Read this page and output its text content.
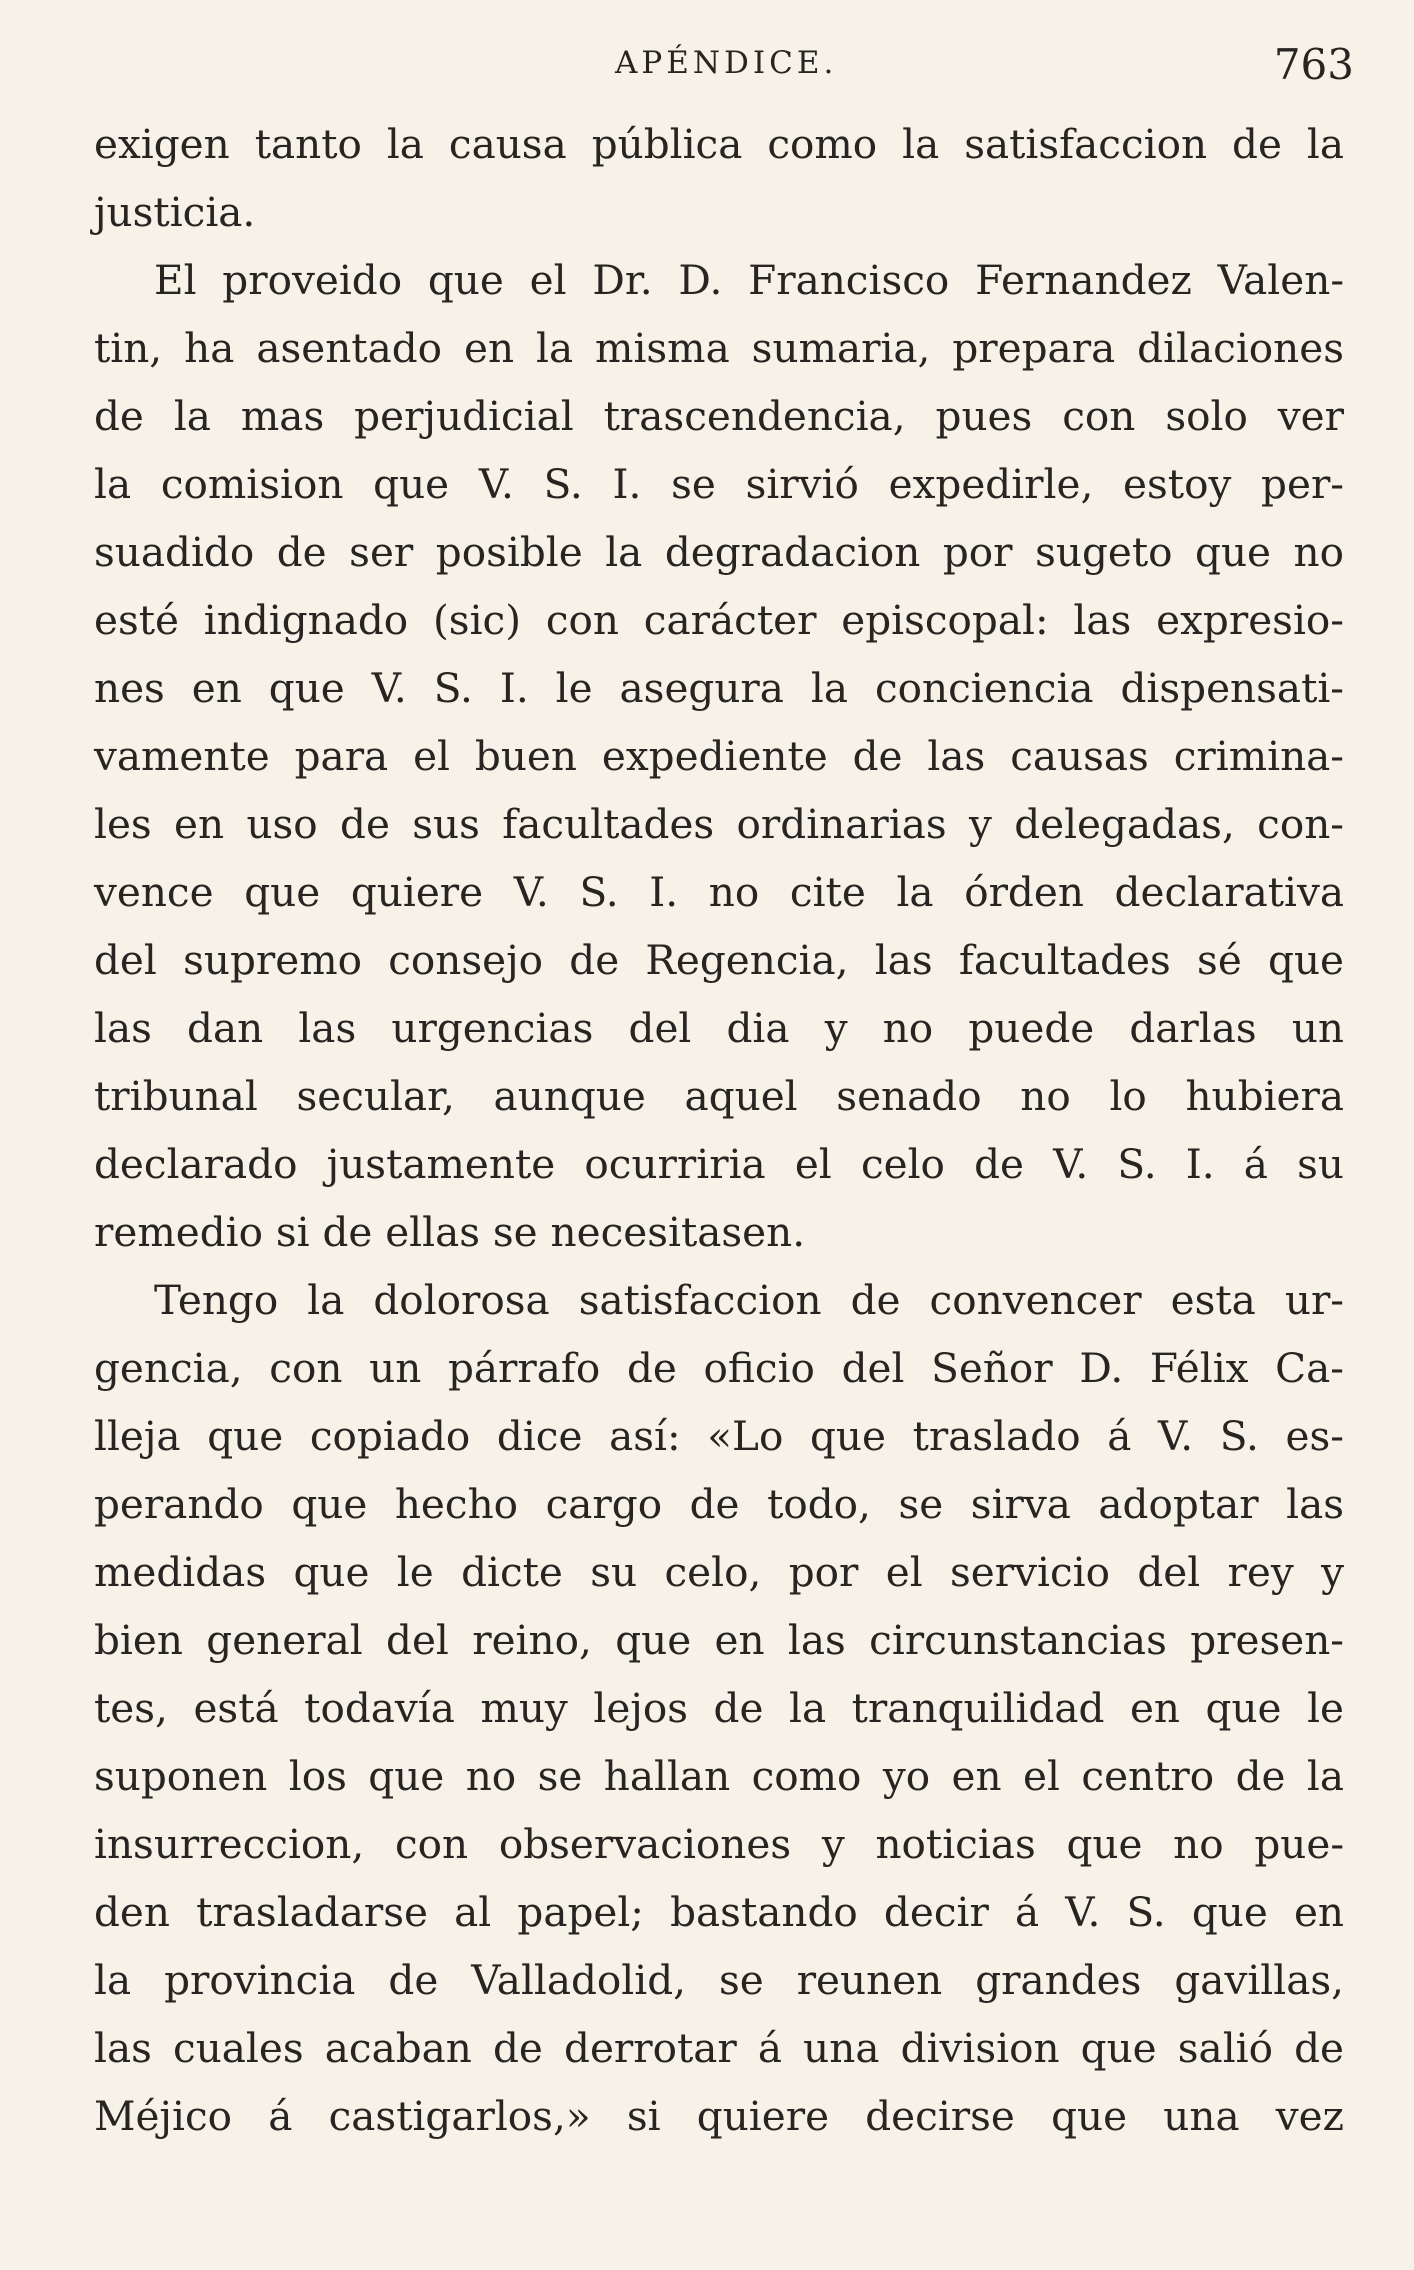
APÉNDICE.	763
exigen tanto la causa pública como la satisfaccion de la
justicia.
El proveido que el Dr. D. Francisco Fernandez Valen-
tin, ha asentado en la misma sumaria, prepara dilaciones
de la mas perjudicial trascendencia, pues con solo ver
la comision que V. S. I. se sirvió expedirle, estoy per-
suadido de ser posible la degradacion por sugeto que no
esté indignado (sic) con carácter episcopal: las expresio-
nes en que V. S. I. le asegura la conciencia dispensati-
vamente para el buen expediente de las causas crimina-
les en uso de sus facultades ordinarias y delegadas, con-
vence que quiere V. S. I. no cite la órden declarativa
del supremo consejo de Regencia, las facultades sé que
las dan las urgencias del dia y no puede darlas un
tribunal secular, aunque aquel senado no lo hubiera
declarado justamente ocurriria el celo de V. S. I. á su
remedio si de ellas se necesitasen.
Tengo la dolorosa satisfaccion de convencer esta ur-
gencia, con un párrafo de oficio del Señor D. Félix Ca-
lleja que copiado dice así: «Lo que traslado á V. S. es-
perando que hecho cargo de todo, se sirva adoptar las
medidas que le dicte su celo, por el servicio del rey y
bien general del reino, que en las circunstancias presen-
tes, está todavía muy lejos de la tranquilidad en que le
suponen los que no se hallan como yo en el centro de la
insurreccion, con observaciones y noticias que no pue-
den trasladarse al papel; bastando decir á V. S. que en
la provincia de Valladolid, se reunen grandes gavillas,
las cuales acaban de derrotar á una division que salió de
Méjico á castigarlos,» si quiere decirse que una vez
